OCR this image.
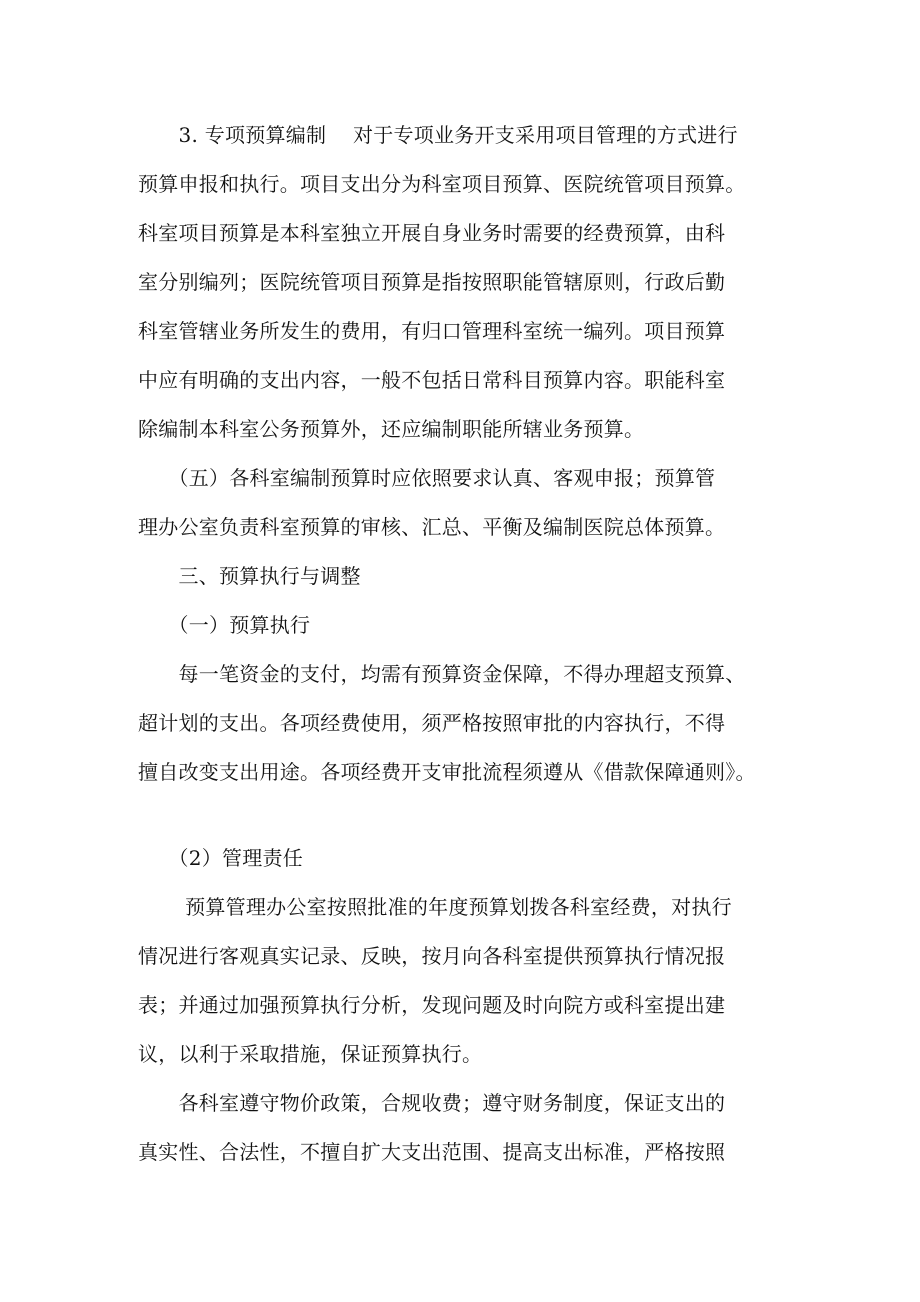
　　3. 专项预算编制　 对于专项业务开支采用项目管理的方式进行
预算申报和执行。项目支出分为科室项目预算、医院统管项目预算。
科室项目预算是本科室独立开展自身业务时需要的经费预算，由科
室分别编列；医院统管项目预算是指按照职能管辖原则，行政后勤
科室管辖业务所发生的费用，有归口管理科室统一编列。项目预算
中应有明确的支出内容，一般不包括日常科目预算内容。职能科室
除编制本科室公务预算外，还应编制职能所辖业务预算。
　　（五）各科室编制预算时应依照要求认真、客观申报；预算管
理办公室负责科室预算的审核、汇总、平衡及编制医院总体预算。
　　三、预算执行与调整
　　（一）预算执行
　　每一笔资金的支付，均需有预算资金保障，不得办理超支预算、
超计划的支出。各项经费使用，须严格按照审批的内容执行，不得
擅自改变支出用途。各项经费开支审批流程须遵从《借款保障通则》。
　　（2）管理责任
　　 预算管理办公室按照批准的年度预算划拨各科室经费，对执行
情况进行客观真实记录、反映，按月向各科室提供预算执行情况报
表；并通过加强预算执行分析，发现问题及时向院方或科室提出建
议，以利于采取措施，保证预算执行。
　　各科室遵守物价政策，合规收费；遵守财务制度，保证支出的
真实性、合法性，不擅自扩大支出范围、提高支出标准，严格按照
